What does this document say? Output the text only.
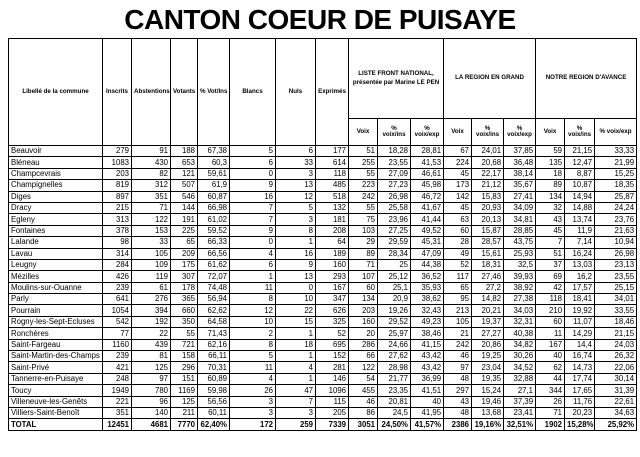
CANTON COEUR DE PUISAYE
Libellé de la commune	Inscrits	Abstentions	Votants	% Vot/Ins	Blancs	Nuls	Exprimés	LISTE FRONT NATIONAL, présentée par Marine LE PEN			LA REGION EN GRAND			NOTRE REGION D'AVANCE		
								Voix	% voix/ins	% voix/exp	Voix	% voix/ins	% voix/exp	Voix	% voix/ins	% voix/exp
Beauvoir	279	91	188	67,38	5	6	177	51	18,28	28,81	67	24,01	37,85	59	21,15	33,33
Bléneau	1083	430	653	60,3	6	33	614	255	23,55	41,53	224	20,68	36,48	135	12,47	21,99
Champcevrais	203	82	121	59,61	0	3	118	55	27,09	46,61	45	22,17	38,14	18	8,87	15,25
Champignelles	819	312	507	61,9	9	13	485	223	27,23	45,98	173	21,12	35,67	89	10,87	18,35
Diges	897	351	546	60,87	16	12	518	242	26,98	46,72	142	15,83	27,41	134	14,94	25,87
Dracy	215	71	144	66,98	7	5	132	55	25,58	41,67	45	20,93	34,09	32	14,88	24,24
Egleny	313	122	191	61,02	7	3	181	75	23,96	41,44	63	20,13	34,81	43	13,74	23,76
Fontaines	378	153	225	59,52	9	8	208	103	27,25	49,52	60	15,87	28,85	45	11,9	21,63
Lalande	98	33	65	66,33	0	1	64	29	29,59	45,31	28	28,57	43,75	7	7,14	10,94
Lavau	314	105	209	66,56	4	16	189	89	28,34	47,09	49	15,61	25,93	51	16,24	26,98
Leugny	284	109	175	61,62	6	9	160	71	25	44,38	52	18,31	32,5	37	13,03	23,13
Mézilles	426	119	307	72,07	1	13	293	107	25,12	36,52	117	27,46	39,93	69	16,2	23,55
Moulins-sur-Ouanne	239	61	178	74,48	11	0	167	60	25,1	35,93	65	27,2	38,92	42	17,57	25,15
Parly	641	276	365	56,94	8	10	347	134	20,9	38,62	95	14,82	27,38	118	18,41	34,01
Pourrain	1054	394	660	62,62	12	22	626	203	19,26	32,43	213	20,21	34,03	210	19,92	33,55
Rogny-les-Sept-Ecluses	542	192	350	64,58	10	15	325	160	29,52	49,23	105	19,37	32,31	60	11,07	18,46
Ronchères	77	22	55	71,43	2	1	52	20	25,97	38,46	21	27,27	40,38	11	14,29	21,15
Saint-Fargeau	1160	439	721	62,16	8	18	695	286	24,66	41,15	242	20,86	34,82	167	14,4	24,03
Saint-Martin-des-Champs	239	81	158	66,11	5	1	152	66	27,62	43,42	46	19,25	30,26	40	16,74	26,32
Saint-Privé	421	125	296	70,31	11	4	281	122	28,98	43,42	97	23,04	34,52	62	14,73	22,06
Tannerre-en-Puisaye	248	97	151	60,89	4	1	146	54	21,77	36,99	48	19,35	32,88	44	17,74	30,14
Toucy	1949	780	1169	59,98	26	47	1096	455	23,35	41,51	297	15,24	27,1	344	17,65	31,39
Villeneuve-les-Genêts	221	96	125	56,56	3	7	115	46	20,81	40	43	19,46	37,39	26	11,76	22,61
Villiers-Saint-Benoît	351	140	211	60,11	3	3	205	86	24,5	41,95	48	13,68	23,41	71	20,23	34,63
TOTAL	12451	4681	7770	62,40%	172	259	7339	3051	24,50%	41,57%	2386	19,16%	32,51%	1902	15,28%	25,92%
